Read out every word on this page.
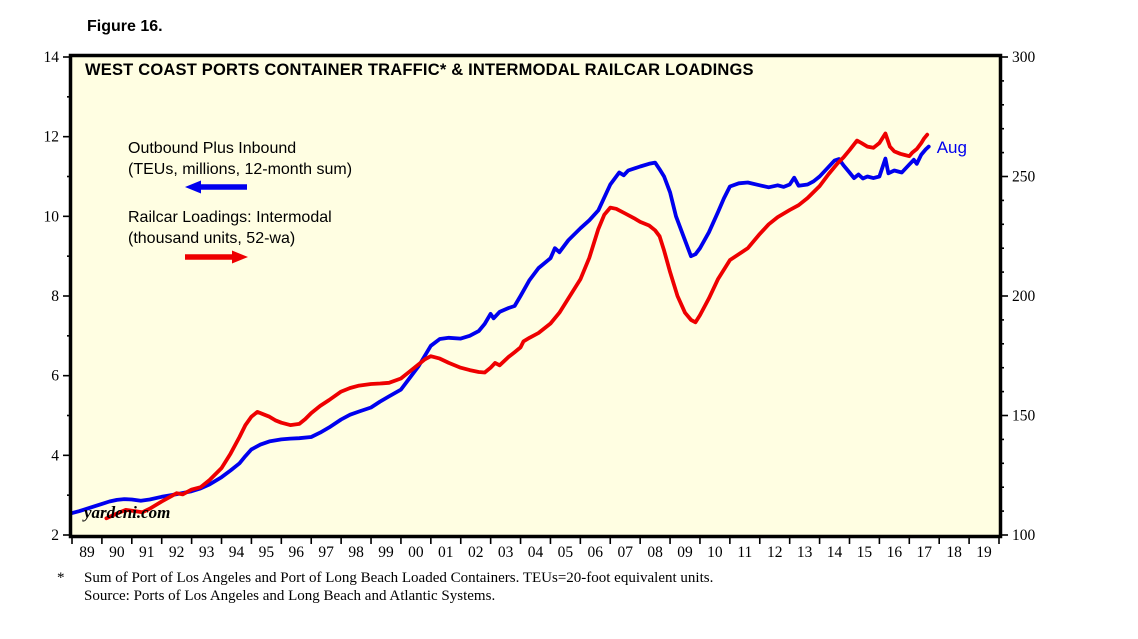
2
4
6
8
10
12
14
100
150
200
250
300
89 90 91 92 93 94 95 96 97 98 99 00 01 02 03 04 05 06 07 08 09 10 11 12 13 14 15 16 17 18 19
Figure 16.
WEST COAST PORTS CONTAINER TRAFFIC* & INTERMODAL RAILCAR LOADINGS
Outbound Plus Inbound
(TEUs, millions, 12-month sum)
Railcar Loadings: Intermodal
(thousand units, 52-wa)
yardeni.com
Aug
* Sum of Port of Los Angeles and Port of Long Beach Loaded Containers. TEUs=20-foot equivalent units.
Source: Ports of Los Angeles and Long Beach and Atlantic Systems.
